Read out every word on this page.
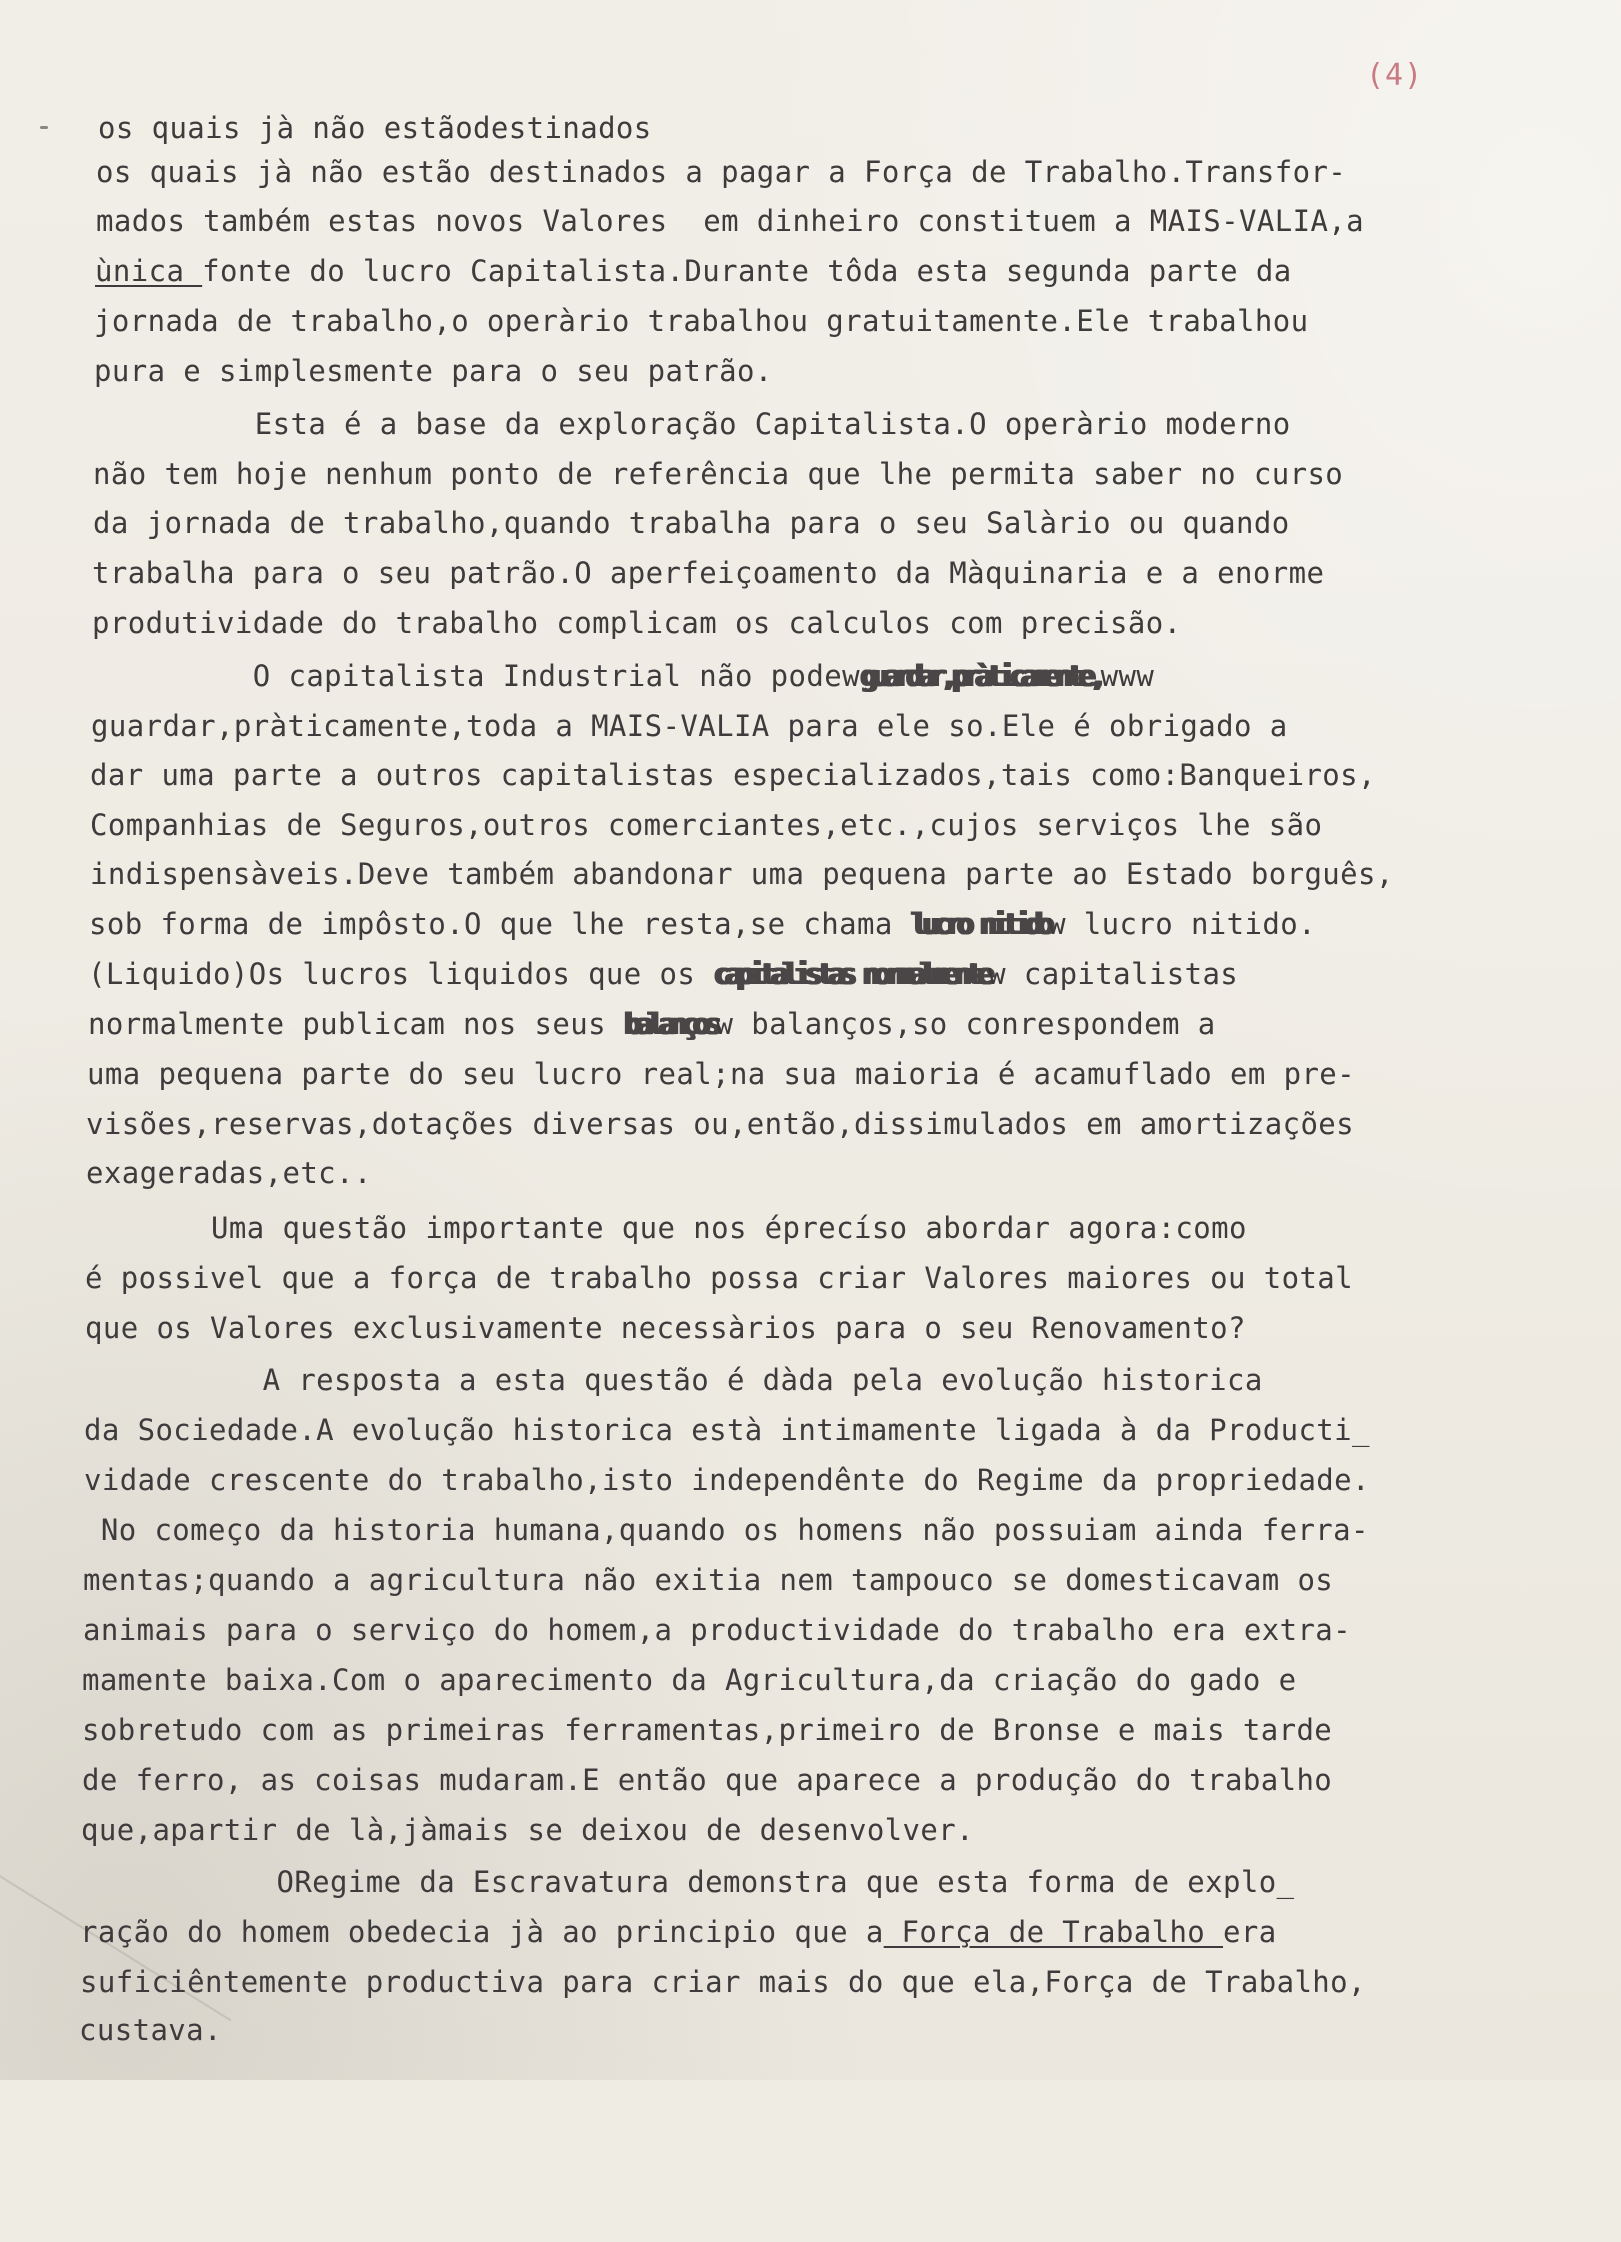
(4)
os quais jà não estãodestinados
os quais jà não estão destinados a pagar a Força de Trabalho.Transfor-
mados também estas novos Valores  em dinheiro constituem a MAIS-VALIA,a
ùnica fonte do lucro Capitalista.Durante tôda esta segunda parte da
jornada de trabalho,o operàrio trabalhou gratuitamente.Ele trabalhou
pura e simplesmente para o seu patrão.
Esta é a base da exploração Capitalista.O operàrio moderno
não tem hoje nenhum ponto de referência que lhe permita saber no curso
da jornada de trabalho,quando trabalha para o seu Salàrio ou quando
trabalha para o seu patrão.O aperfeiçoamento da Màquinaria e a enorme
produtividade do trabalho complicam os calculos com precisão.
O capitalista Industrial não podewguardar,pràticamente,www
guardar,pràticamente,toda a MAIS-VALIA para ele so.Ele é obrigado a
dar uma parte a outros capitalistas especializados,tais como:Banqueiros,
Companhias de Seguros,outros comerciantes,etc.,cujos serviços lhe são
indispensàveis.Deve também abandonar uma pequena parte ao Estado borguês,
sob forma de impôsto.O que lhe resta,se chama lucro nitidow lucro nitido.
(Liquido)Os lucros liquidos que os capitalistas normalmentew capitalistas
normalmente publicam nos seus balançosw balanços,so conrespondem a
uma pequena parte do seu lucro real;na sua maioria é acamuflado em pre-
visões,reservas,dotações diversas ou,então,dissimulados em amortizações
exageradas,etc..
Uma questão importante que nos éprecíso abordar agora:como
é possivel que a força de trabalho possa criar Valores maiores ou total
que os Valores exclusivamente necessàrios para o seu Renovamento?
A resposta a esta questão é dàda pela evolução historica
da Sociedade.A evolução historica està intimamente ligada à da Producti_
vidade crescente do trabalho,isto independênte do Regime da propriedade.
No começo da historia humana,quando os homens não possuiam ainda ferra-
mentas;quando a agricultura não exitia nem tampouco se domesticavam os
animais para o serviço do homem,a productividade do trabalho era extra-
mamente baixa.Com o aparecimento da Agricultura,da criação do gado e
sobretudo com as primeiras ferramentas,primeiro de Bronse e mais tarde
de ferro, as coisas mudaram.E então que aparece a produção do trabalho
que,apartir de là,jàmais se deixou de desenvolver.
ORegime da Escravatura demonstra que esta forma de explo_
ração do homem obedecia jà ao principio que a Força de Trabalho era
suficiêntemente productiva para criar mais do que ela,Força de Trabalho,
custava.
